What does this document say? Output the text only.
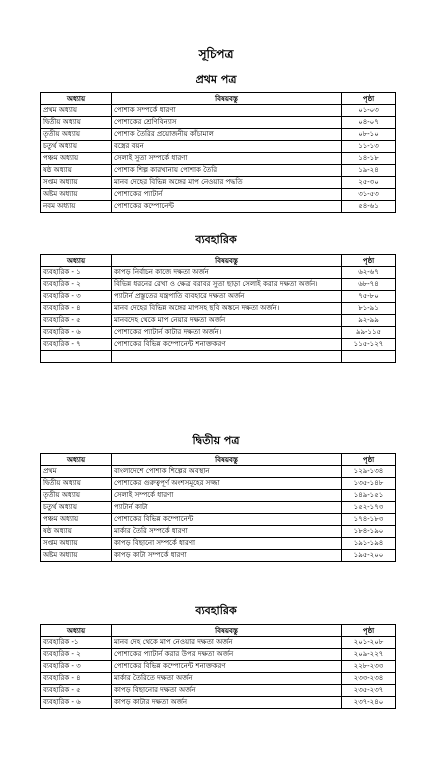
সূচিপত্র
প্রথম পত্র
অধ্যায়	বিষয়বস্তু	পৃষ্ঠা
প্রথম অধ্যায়	পোশাক সম্পর্কে ধারণা	০১-০৩
দ্বিতীয় অধ্যায়	পোশাকের শ্রেণিবিন্যাস	০৪-০৭
তৃতীয় অধ্যায়	পোশাক তৈরির প্রয়োজনীয় কাঁচামাল	০৮-১০
চতুর্থ অধ্যায়	বস্ত্রের বয়ন	১১-১৩
পঞ্চম অধ্যায়	সেলাই সুতা সম্পর্কে ধারণা	১৪-১৮
ষষ্ঠ অধ্যায়	পোশাক শিল্প কারখানায় পোশাক তৈরি	১৯-২৪
সপ্তম অধ্যায়	মানব দেহের বিভিন্ন অঙ্গের মাপ নেওয়ার পদ্ধতি	২৫-৩০
অষ্টম অধ্যায়	পোশাকের প্যাটার্ন	৩১-৫৩
নবম অধ্যায়	পোশাকের কম্পোনেন্ট	৫৪-৬১
ব্যবহারিক
অধ্যায়	বিষয়বস্তু	পৃষ্ঠা
ব্যবহারিক - ১	কাপড় নির্বাচন কাজে দক্ষতা অর্জন	৬২-৬৭
ব্যবহারিক - ২	বিভিন্ন ধরনের রেখা ও ক্ষেত্র বরাবর সুতা ছাড়া সেলাই করার দক্ষতা অর্জন।	৬৮-৭৪
ব্যবহারিক - ৩	প্যাটার্ন প্রস্তুতের যন্ত্রপাতি ব্যবহারে দক্ষতা অর্জন	৭৫-৮০
ব্যবহারিক - ৪	মানব দেহের বিভিন্ন অঙ্গের মাপসহ ছবি অঙ্কনে দক্ষতা অর্জন।	৮১-৯১
ব্যবহারিক - ৫	মানবদেহ থেকে মাপ নেয়ার দক্ষতা অর্জন	৯২-৯৯
ব্যবহারিক - ৬	পোশাকের প্যাটার্ন কাটার দক্ষতা অর্জন।	৯৯-১১৫
ব্যবহারিক - ৭	পোশাকের বিভিন্ন কম্পোনেন্ট শনাক্তকরণ	১১৫-১২৭

দ্বিতীয় পত্র
অধ্যায়	বিষয়বস্তু	পৃষ্ঠা
প্রথম	বাংলাদেশে পোশাক শিল্পের অবস্থান	১২৯-১৩৪
দ্বিতীয় অধ্যায়	পোশাকের গুরুত্বপূর্ণ অংশসমূহের সজ্জা	১৩৫-১৪৮
তৃতীয় অধ্যায়	সেলাই সম্পর্কে ধারণা	১৪৯-১৫১
চতুর্থ অধ্যায়	প্যাটার্ন কাটা	১৫২-১৭৩
পঞ্চম অধ্যায়	পোশাকের বিভিন্ন কম্পোনেন্ট	১৭৪-১৮৩
ষষ্ঠ অধ্যায়	মার্কার তৈরি সম্পর্কে ধারণা	১৮৪-১৯০
সপ্তম অধ্যায়	কাপড় বিছানো সম্পর্কে ধারণা	১৯১-১৯৪
অষ্টম অধ্যায়	কাপড় কাটা সম্পর্কে ধারণা	১৯৫-২০০
ব্যবহারিক
অধ্যায়	বিষয়বস্তু	পৃষ্ঠা
ব্যবহারিক -১	মানব দেহ থেকে মাপ নেওয়ার দক্ষতা অর্জন	২০১-২০৮
ব্যবহারিক - ২	পোশাকের প্যাটার্ন করার উপর দক্ষতা অর্জন	২০৯-২২৭
ব্যবহারিক - ৩	পোশাকের বিভিন্ন কম্পোনেন্ট শনাক্তকরণ	২২৮-২৩৩
ব্যবহারিক - ৪	মার্কার তৈরিতে দক্ষতা অর্জন	২৩৩-২৩৪
ব্যবহারিক - ৫	কাপড় বিছানোর দক্ষতা অর্জন	২৩৫-২৩৭
ব্যবহারিক - ৬	কাপড় কাটার দক্ষতা অর্জন	২৩৭-২৪০
